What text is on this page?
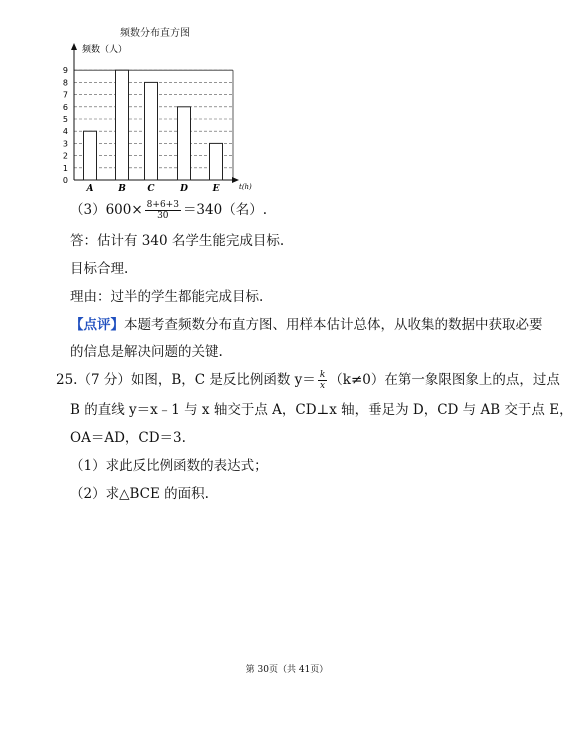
频数分布直方图
0
1
2
3
4
5
6
7
8
9
频数（人）
t(h)
A	B C	D	E
$(3)600\times \frac{8+6+3}{30} =340$（名）.
答：估计有 340 名学生能完成目标.
目标合理.
理由：过半的学生都能完成目标.
【点评】本题考查频数分布直方图、用样本估计总体，从收集的数据中获取必要
的信息是解决问题的关键.
25.（7 分）如图，B，C 是反比例函数 $y= \frac{k}{x} (k\ne 0)$在第一象限图象上的点，过点
B 的直线 y＝x﹣1 与 x 轴交于点 A，CD⊥x 轴，垂足为 D，CD 与 AB 交于点 E，
OA＝AD，CD＝3.
（1）求此反比例函数的表达式；
（2）求△BCE 的面积.
第 30页（共 41页）
